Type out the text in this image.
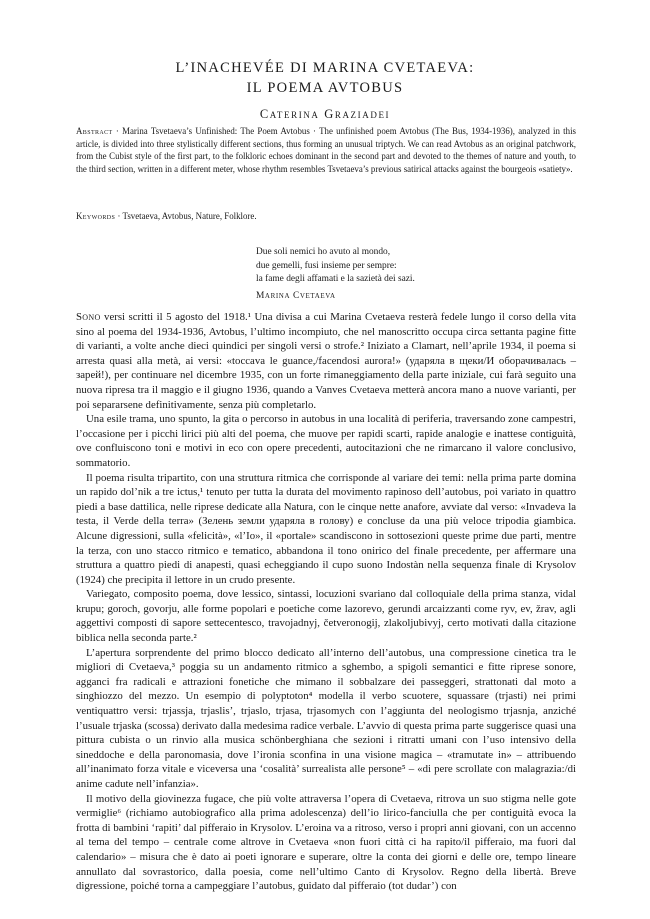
L’INACHEVÉE DI MARINA CVETAEVA:
IL POEMA AVTOBUS
Caterina Graziadei

Abstract · Marina Tsvetaeva’s Unfinished: The Poem Avtobus · The unfinished poem Avtobus (The Bus, 1934-1936), analyzed in this article, is divided into three stylistically different sections, thus forming an unusual triptych. We can read Avtobus as an original patchwork, from the Cubist style of the first part, to the folkloric echoes dominant in the second part and devoted to the themes of nature and youth, to the third section, written in a different meter, whose rhythm resembles Tsvetaeva’s previous satirical attacks against the bourgeois «satiety».

Keywords · Tsvetaeva, Avtobus, Nature, Folklore.

Due soli nemici ho avuto al mondo,
due gemelli, fusi insieme per sempre:
la fame degli affamati e la sazietà dei sazi.
Marina Cvetaeva

Sono versi scritti il 5 agosto del 1918.¹ Una divisa a cui Marina Cvetaeva resterà fedele lungo il corso della vita sino al poema del 1934-1936, Avtobus, l’ultimo incompiuto, che nel manoscritto occupa circa settanta pagine fitte di varianti, a volte anche dieci quindici per singoli versi o strofe.² Iniziato a Clamart, nell’aprile 1934, il poema si arresta quasi alla metà, ai versi: «toccava le guance,/facendosi aurora!» (ударяла в щеки/И оборачивалась – зарей!), per continuare nel dicembre 1935, con un forte rimaneggiamento della parte iniziale, cui farà seguito una nuova ripresa tra il maggio e il giugno 1936, quando a Vanves Cvetaeva metterà ancora mano a nuove varianti, per poi separarsene definitivamente, senza più completarlo.

Una esile trama, uno spunto, la gita o percorso in autobus in una località di periferia, traversando zone campestri, l’occasione per i picchi lirici più alti del poema, che muove per rapidi scarti, rapide analogie e inattese contiguità, ove confluiscono toni e motivi in eco con opere precedenti, autocitazioni che ne rimarcano il valore conclusivo, sommatorio.

Il poema risulta tripartito, con una struttura ritmica che corrisponde al variare dei temi: nella prima parte domina un rapido dol’nik a tre ictus,¹ tenuto per tutta la durata del movimento rapinoso dell’autobus, poi variato in quattro piedi a base dattilica, nelle riprese dedicate alla Natura, con le cinque nette anafore, avviate dal verso: «Invadeva la testa, il Verde della terra» (Зелень земли ударяла в голову) e concluse da una più veloce tripodia giambica. Alcune digressioni, sulla «felicità», «l’Io», il «portale» scandiscono in sottosezioni queste prime due parti, mentre la terza, con uno stacco ritmico e tematico, abbandona il tono onirico del finale precedente, per affermare una struttura a quattro piedi di anapesti, quasi echeggiando il cupo suono Indostàn nella sequenza finale di Krysolov (1924) che precipita il lettore in un crudo presente.

Variegato, composito poema, dove lessico, sintassi, locuzioni svariano dal colloquiale della prima stanza, vidal krupu; goroch, govorju, alle forme popolari e poetiche come lazorevo, gerundi arcaizzanti come ryv, ev, žrav, agli aggettivi composti di sapore settecentesco, travojadnyj, četveronogij, zlakoljubivyj, certo motivati dalla citazione biblica nella seconda parte.²

L’apertura sorprendente del primo blocco dedicato all’interno dell’autobus, una compressione cinetica tra le migliori di Cvetaeva,³ poggia su un andamento ritmico a sghembo, a spigoli semantici e fitte riprese sonore, agganci fra radicali e attrazioni fonetiche che mimano il sobbalzare dei passeggeri, strattonati dal moto a singhiozzo del mezzo. Un esempio di polyptoton⁴ modella il verbo scuotere, squassare (trjasti) nei primi ventiquattro versi: trjassja, trjaslis’, trjaslo, trjasa, trjasomych con l’aggiunta del neologismo trjasnja, anziché l’usuale trjaska (scossa) derivato dalla medesima radice verbale. L’avvio di questa prima parte suggerisce quasi una pittura cubista o un rinvio alla musica schönberghiana che sezioni i ritratti umani con l’uso intensivo della sineddoche e della paronomasia, dove l’ironia sconfina in una visione magica – «tramutate in» – attribuendo all’inanimato forza vitale e viceversa una ‘cosalità’ surrealista alle persone⁵ – «di pere scrollate con malagrazia:/di anime cadute nell’infanzia».

Il motivo della giovinezza fugace, che più volte attraversa l’opera di Cvetaeva, ritrova un suo stigma nelle gote vermiglie⁶ (richiamo autobiografico alla prima adolescenza) dell’io lirico-fanciulla che per contiguità evoca la frotta di bambini ‘rapiti’ dal pifferaio in Krysolov. L’eroina va a ritroso, verso i propri anni giovani, con un accenno al tema del tempo – centrale come altrove in Cvetaeva «non fuori città ci ha rapito/il pifferaio, ma fuori dal calendario» – misura che è dato ai poeti ignorare e superare, oltre la conta dei giorni e delle ore, tempo lineare annullato dal sovrastorico, dalla poesia, come nell’ultimo Canto di Krysolov. Regno della libertà. Breve digressione, poiché torna a campeggiare l’autobus, guidato dal pifferaio (tot dudar’) con
